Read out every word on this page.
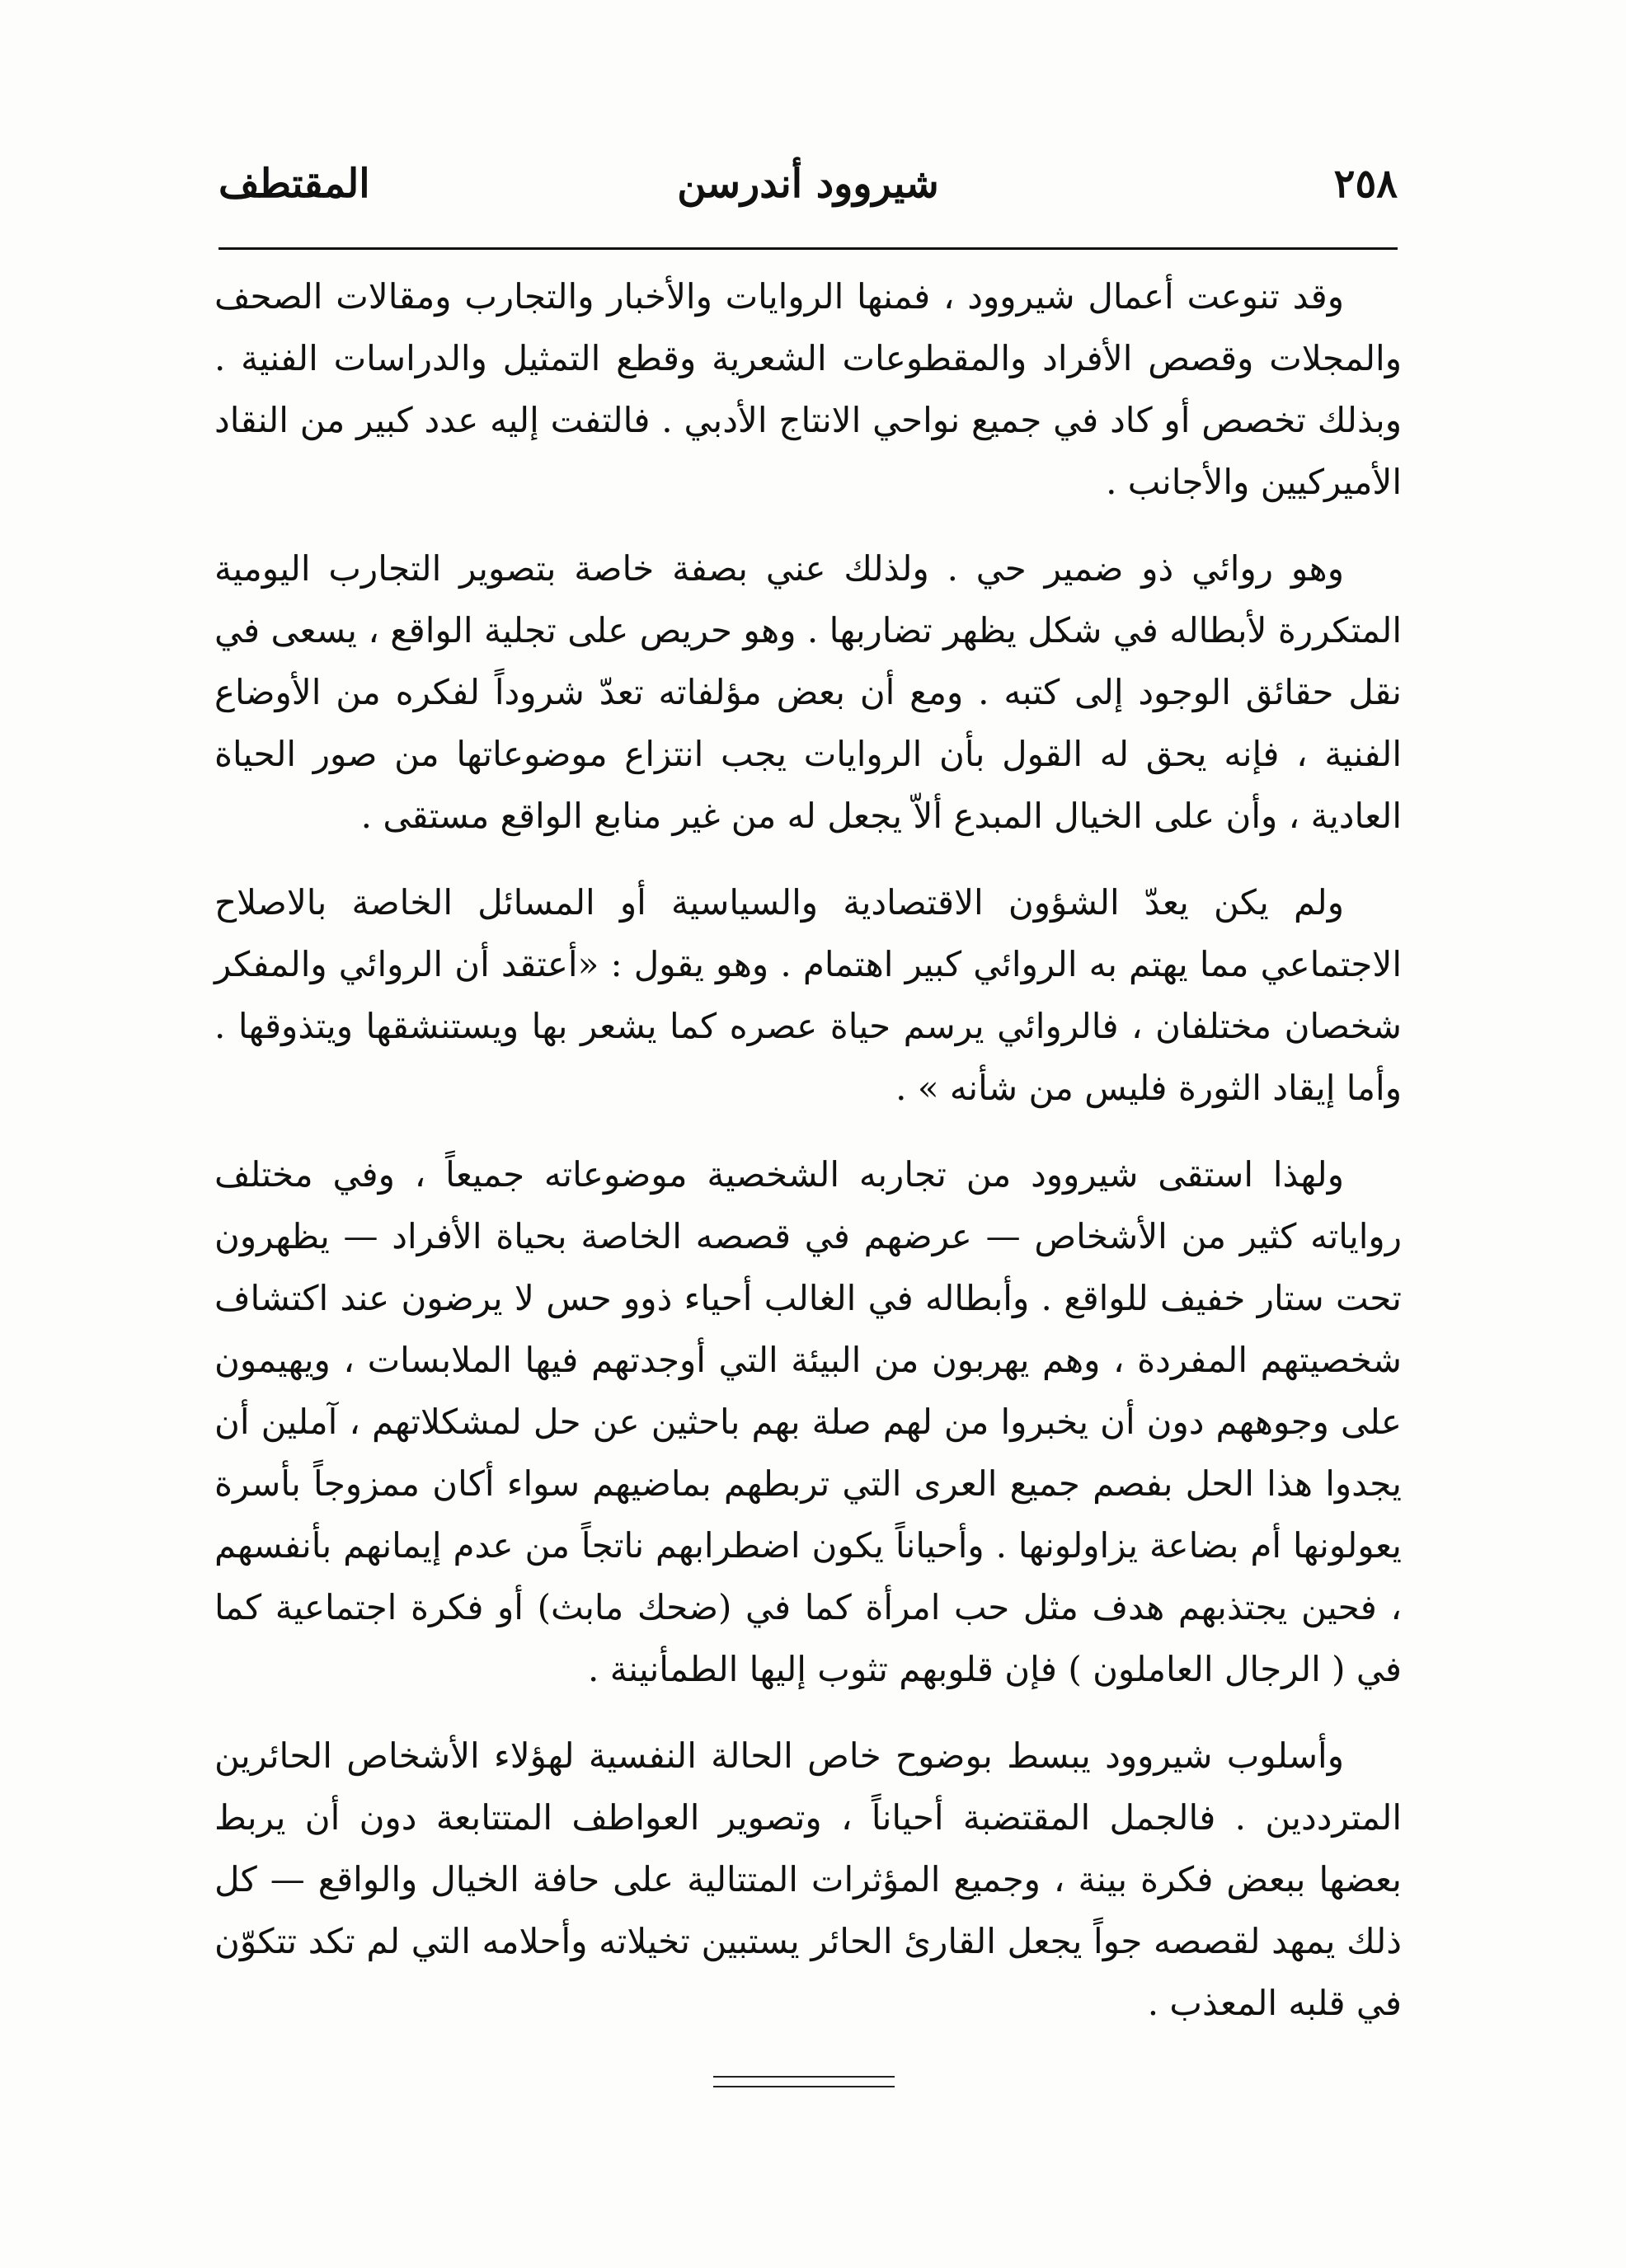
٢٥٨
شيروود أندرسن
المقتطف

وقد تنوعت أعمال شيروود ، فمنها الروايات والأخبار والتجارب ومقالات الصحف والمجلات وقصص الأفراد والمقطوعات الشعرية وقطع التمثيل والدراسات الفنية . وبذلك تخصص أو كاد في جميع نواحي الانتاج الأدبي . فالتفت إليه عدد كبير من النقاد الأميركيين والأجانب .

وهو روائي ذو ضمير حي . ولذلك عني بصفة خاصة بتصوير التجارب اليومية المتكررة لأبطاله في شكل يظهر تضاربها . وهو حريص على تجلية الواقع ، يسعى في نقل حقائق الوجود إلى كتبه . ومع أن بعض مؤلفاته تعدّ شروداً لفكره من الأوضاع الفنية ، فإنه يحق له القول بأن الروايات يجب انتزاع موضوعاتها من صور الحياة العادية ، وأن على الخيال المبدع ألاّ يجعل له من غير منابع الواقع مستقى .

ولم يكن يعدّ الشؤون الاقتصادية والسياسية أو المسائل الخاصة بالاصلاح الاجتماعي مما يهتم به الروائي كبير اهتمام . وهو يقول : «أعتقد أن الروائي والمفكر شخصان مختلفان ، فالروائي يرسم حياة عصره كما يشعر بها ويستنشقها ويتذوقها . وأما إيقاد الثورة فليس من شأنه » .

ولهذا استقى شيروود من تجاربه الشخصية موضوعاته جميعاً ، وفي مختلف رواياته كثير من الأشخاص — عرضهم في قصصه الخاصة بحياة الأفراد — يظهرون تحت ستار خفيف للواقع . وأبطاله في الغالب أحياء ذوو حس لا يرضون عند اكتشاف شخصيتهم المفردة ، وهم يهربون من البيئة التي أوجدتهم فيها الملابسات ، ويهيمون على وجوههم دون أن يخبروا من لهم صلة بهم باحثين عن حل لمشكلاتهم ، آملين أن يجدوا هذا الحل بفصم جميع العرى التي تربطهم بماضيهم سواء أكان ممزوجاً بأسرة يعولونها أم بضاعة يزاولونها . وأحياناً يكون اضطرابهم ناتجاً من عدم إيمانهم بأنفسهم ، فحين يجتذبهم هدف مثل حب امرأة كما في (ضحك مابث) أو فكرة اجتماعية كما في ( الرجال العاملون ) فإن قلوبهم تثوب إليها الطمأنينة .

وأسلوب شيروود يبسط بوضوح خاص الحالة النفسية لهؤلاء الأشخاص الحائرين المترددين . فالجمل المقتضبة أحياناً ، وتصوير العواطف المتتابعة دون أن يربط بعضها ببعض فكرة بينة ، وجميع المؤثرات المتتالية على حافة الخيال والواقع — كل ذلك يمهد لقصصه جواً يجعل القارئ الحائر يستبين تخيلاته وأحلامه التي لم تكد تتكوّن في قلبه المعذب .
